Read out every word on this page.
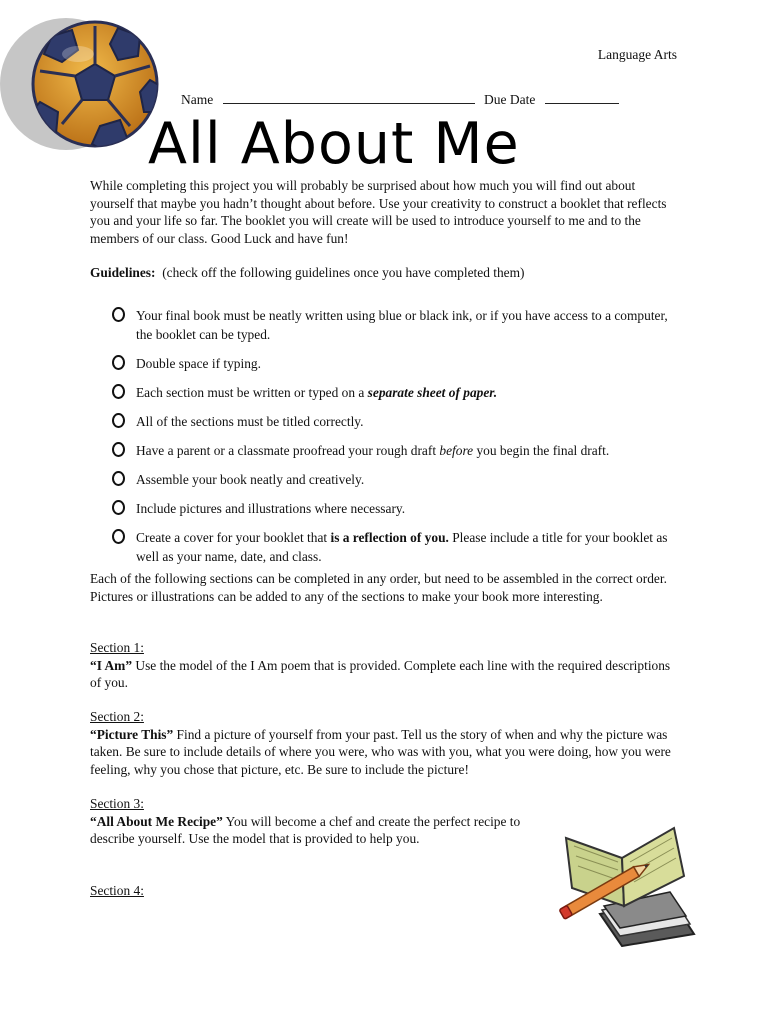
Language Arts
Name	Due Date
All About Me
While completing this project you will probably be surprised about how much you will find out about yourself that maybe you hadn’t thought about before. Use your creativity to construct a booklet that reflects you and your life so far. The booklet you will create will be used to introduce yourself to me and to the members of our class. Good Luck and have fun!
Guidelines: (check off the following guidelines once you have completed them)
Your final book must be neatly written using blue or black ink, or if you have access to a computer, the booklet can be typed.
Double space if typing.
Each section must be written or typed on a separate sheet of paper.
All of the sections must be titled correctly.
Have a parent or a classmate proofread your rough draft before you begin the final draft.
Assemble your book neatly and creatively.
Include pictures and illustrations where necessary.
Create a cover for your booklet that is a reflection of you. Please include a title for your booklet as well as your name, date, and class.
Each of the following sections can be completed in any order, but need to be assembled in the correct order. Pictures or illustrations can be added to any of the sections to make your book more interesting.
Section 1:
“I Am” Use the model of the I Am poem that is provided. Complete each line with the required descriptions of you.
Section 2:
“Picture This” Find a picture of yourself from your past. Tell us the story of when and why the picture was taken. Be sure to include details of where you were, who was with you, what you were doing, how you were feeling, why you chose that picture, etc. Be sure to include the picture!
Section 3:
“All About Me Recipe” You will become a chef and create the perfect recipe to describe yourself. Use the model that is provided to help you.
Section 4:
